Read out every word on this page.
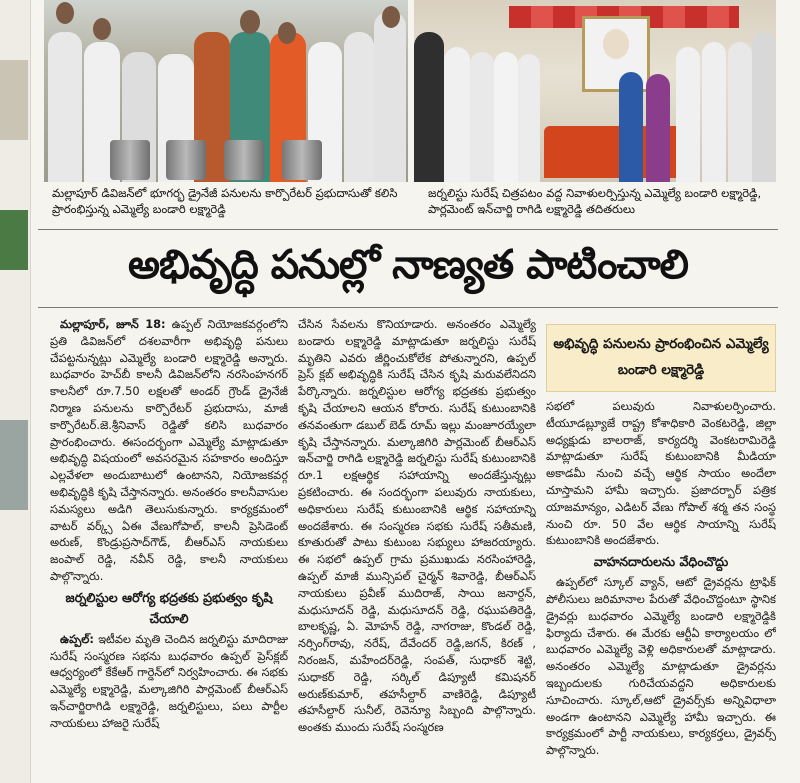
మల్లాపూర్ డివిజన్‌లో భూగర్భ డ్రైనేజీ పనులను కార్పొరేటర్ ప్రభుదాసుతో కలిసి ప్రారంభిస్తున్న ఎమ్మెల్యే బండారి లక్ష్మారెడ్డి
జర్నలిస్టు సురేష్ చిత్రపటం వద్ద నివాళులర్పిస్తున్న ఎమ్మెల్యే బండారి లక్ష్మారెడ్డి, పార్లమెంట్ ఇన్‌చార్జి రాగిడి లక్ష్మారెడ్డి తదితరులు
అభివృద్ధి పనుల్లో నాణ్యత పాటించాలి

మల్లాపూర్, జూన్ 18: ఉప్పల్ నియోజకవర్గంలోని ప్రతి డివిజన్‌లో దశలవారీగా అభివృద్ధి పనులు చేపట్టనున్నట్లు ఎమ్మెల్యే బండారి లక్ష్మారెడ్డి అన్నారు. బుధవారం హెచ్‌బీ కాలనీ డివిజన్‌లోని నరసింహనగర్ కాలనీలో రూ.7.50 లక్షలతో అండర్ గ్రౌండ్ డ్రైనేజీ నిర్మాణ పనులను కార్పొరేటర్ ప్రభుదాసు, మాజీ కార్పొరేటర్.జె.శ్రీనివాస్ రెడ్డితో కలిసి బుధవారం ప్రారంభించారు. ఈసందర్భంగా ఎమ్మెల్యే మాట్లాడుతూ అభివృద్ధి విషయంలో అవసరమైన సహకారం అందిస్తూ ఎల్లవేళలా అందుబాటులో ఉంటానని, నియోజకవర్గ అభివృద్ధికి కృషి చేస్తానన్నారు. అనంతరం కాలనీవాసుల సమస్యలు అడిగి తెలుసుకున్నారు. కార్యక్రమంలో వాటర్ వర్క్స్ ఏఈ వేణుగోపాల్, కాలనీ ప్రెసిడెంట్ అరుణ్, కొండ్రుప్రసాద్‌గౌడ్, బీఆర్‌ఎస్ నాయకులు జంపాల్ రెడ్డి, నవీన్ రెడ్డి, కాలనీ నాయకులు పాల్గొన్నారు.

జర్నలిస్టుల ఆరోగ్య భద్రతకు ప్రభుత్వం కృషి చేయాలి

ఉప్పల్: ఇటీవల మృతి చెందిన జర్నలిస్టు మాదిరాజు సురేష్ సంస్మరణ సభను బుధవారం ఉప్పల్ ప్రెస్‌క్లబ్ ఆధ్వర్యంలో కేకేఆర్ గార్డెన్‌లో నిర్వహించారు. ఈ సభకు ఎమ్మెల్యే లక్ష్మారెడ్డి, మల్కాజిగిరి పార్లమెంట్ బీఆర్‌ఎస్ ఇన్‌చార్జిరాగిడి లక్ష్మారెడ్డి, జర్నలిస్టులు, పలు పార్టీల నాయకులు హాజరై సురేష్

చేసిన సేవలను కొనియాడారు. అనంతరం ఎమ్మెల్యే బండారు లక్ష్మారెడ్డి మాట్లాడుతూ జర్నలిస్టు సురేష్ మృతిని ఎవరు జీర్ణించుకోలేక పోతున్నారని, ఉప్పల్ ప్రెస్ క్లబ్ అభివృద్ధికి సురేష్ చేసిన కృషి మరువలేనిదని పేర్కొన్నారు. జర్నలిస్టుల ఆరోగ్య భద్రతకు ప్రభుత్వం కృషి చేయాలని ఆయన కోరారు. సురేష్ కుటుంబానికి తనవంతుగా డబుల్ బెడ్ రూమ్ ఇల్లు మంజూరయ్యేలా కృషి చేస్తానన్నారు. మల్కాజిగిరి పార్లమెంట్ బీఆర్‌ఎస్ ఇన్‌చార్జి రాగిడి లక్ష్మారెడ్డి జర్నలిస్టు సురేష్ కుటుంబానికి రూ.1 లక్షఆర్థిక సహాయాన్ని అందజేస్తున్నట్లు ప్రకటించారు. ఈ సందర్భంగా పలువురు నాయకులు, అధికారులు సురేష్ కుటుంబానికి ఆర్థిక సహాయాన్ని అందజేశారు. ఈ సంస్మరణ సభకు సురేష్ సతీమణి, కూతురుతో పాటు కుటుంబ సభ్యులు హాజరయ్యారు. ఈ సభలో ఉప్పల్ గ్రామ ప్రముఖుడు నరసింహారెడ్డి, ఉప్పల్ మాజీ మున్సిపల్ చైర్మన్ శివారెడ్డి, బీఆర్‌ఎస్ నాయకులు ప్రవీణ్ ముదిరాజ్, సాయి జనార్దన్, మధుసూదన్ రెడ్డి, మధుసూదన్ రెడ్డి, రఘుపతిరెడ్డి, బాలకృష్ణ, ఏ. మోహన్ రెడ్డి, నాగరాజు, కొండల్ రెడ్డి, నర్సింగ్‌రావు, నరేష్, దేవేందర్ రెడ్డి,జగన్, కిరణ్ , నిరంజన్, మహేందర్‌రెడ్డి, సంపత్, సుధాకర్ శెట్టి, సుధాకర్ రెడ్డి, సర్కిల్ డిప్యూటీ కమిషనర్ అరుణ్‌కుమార్, తహసీల్దార్ వాణిరెడ్డి, డిప్యూటీ తహసీల్దార్ సునీల్, రెవెన్యూ సిబ్బంది పాల్గొన్నారు. అంతకు ముందు సురేష్ సంస్మరణ

అభివృద్ధి పనులను ప్రారంభించిన ఎమ్మెల్యే బండారి లక్ష్మారెడ్డి

సభలో పలువురు నివాళులర్పించారు. టీయూడబ్ల్యూజే రాష్ట్ర కోశాధికారి వెంకటరెడ్డి, జిల్లా అధ్యక్షుడు బాలరాజ్, కార్యదర్శి వెంకటరామిరెడ్డి మాట్లాడుతూ సురేష్ కుటుంబానికి మీడియా అకాడమీ నుంచి వచ్చే ఆర్థిక సాయం అందేలా చూస్తామని హామీ ఇచ్చారు. ప్రజాదర్బార్ పత్రిక యాజమాన్యం, ఎడిటర్ వేణు గోపాల్ శర్మ తన సంస్థ నుంచి రూ. 50 వేల ఆర్థిక సాయాన్ని సురేష్ కుటుంబానికి అందజేశారు.

వాహనదారులను వేధించొద్దు

ఉప్పల్‌లో స్కూల్ వ్యాన్, ఆటో డ్రైవర్లను ట్రాఫిక్ పోలీసులు జరిమానాల పేరుతో వేధించొద్దంటూ స్థానిక డ్రైవర్లు బుధవారం ఎమ్మెల్యే బండారి లక్ష్మారెడ్డికి ఫిర్యాదు చేశారు. ఈ మేరకు ఆర్టీఏ కార్యాలయం లో బుధవారం ఎమ్మెల్యే వెళ్లి అధికారులతో మాట్లాడారు. అనంతరం ఎమ్మెల్యే మాట్లాడుతూ డ్రైవర్లను ఇబ్బందులకు గురిచేయవద్దని అధికారులకు సూచించారు. స్కూల్,ఆటో డ్రైవర్స్‌కు అన్నివిధాలా అండగా ఉంటానని ఎమ్మెల్యే హామీ ఇచ్చారు. ఈ కార్యక్రమంలో పార్టీ నాయకులు, కార్యకర్తలు, డ్రైవర్స్ పాల్గొన్నారు.
